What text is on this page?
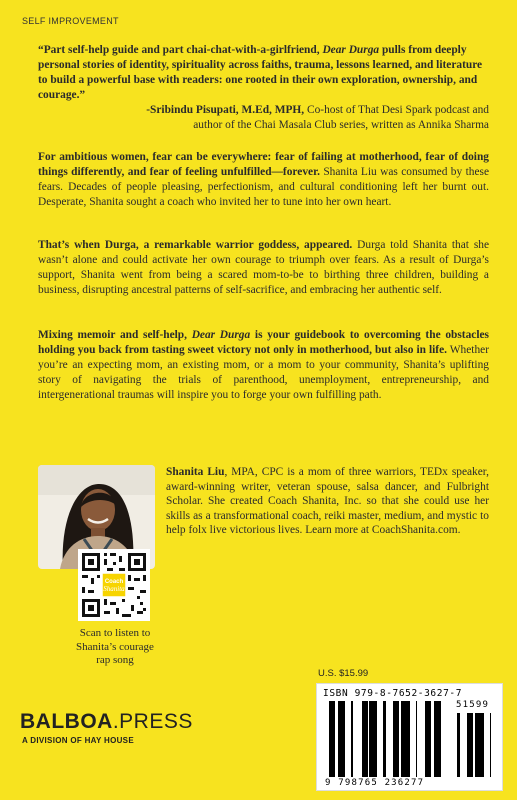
SELF IMPROVEMENT
“Part self-help guide and part chai-chat-with-a-girlfriend, Dear Durga pulls from deeply personal stories of identity, spirituality across faiths, trauma, lessons learned, and literature to build a powerful base with readers: one rooted in their own exploration, ownership, and courage.”
-Sribindu Pisupati, M.Ed, MPH, Co-host of That Desi Spark podcast and
author of the Chai Masala Club series, written as Annika Sharma
For ambitious women, fear can be everywhere: fear of failing at motherhood, fear of doing things differently, and fear of feeling unfulfilled—forever. Shanita Liu was consumed by these fears. Decades of people pleasing, perfectionism, and cultural conditioning left her burnt out. Desperate, Shanita sought a coach who invited her to tune into her own heart.
That’s when Durga, a remarkable warrior goddess, appeared. Durga told Shanita that she wasn’t alone and could activate her own courage to triumph over fears. As a result of Durga’s support, Shanita went from being a scared mom-to-be to birthing three children, building a business, disrupting ancestral patterns of self-sacrifice, and embracing her authentic self.
Mixing memoir and self-help, Dear Durga is your guidebook to overcoming the obstacles holding you back from tasting sweet victory not only in motherhood, but also in life. Whether you’re an expecting mom, an existing mom, or a mom to your community, Shanita’s uplifting story of navigating the trials of parenthood, unemployment, entrepreneurship, and intergenerational traumas will inspire you to forge your own fulfilling path.
Shanita Liu, MPA, CPC is a mom of three warriors, TEDx speaker, award-winning writer, veteran spouse, salsa dancer, and Fulbright Scholar. She created Coach Shanita, Inc. so that she could use her skills as a transformational coach, reiki master, medium, and mystic to help folx live victorious lives. Learn more at CoachShanita.com.
Coach
Shanita
Scan to listen to Shanita’s courage rap song
BALBOA.PRESS
A DIVISION OF HAY HOUSE
U.S. $15.99
ISBN 979-8-7652-3627-7
51599
9 798765 236277
